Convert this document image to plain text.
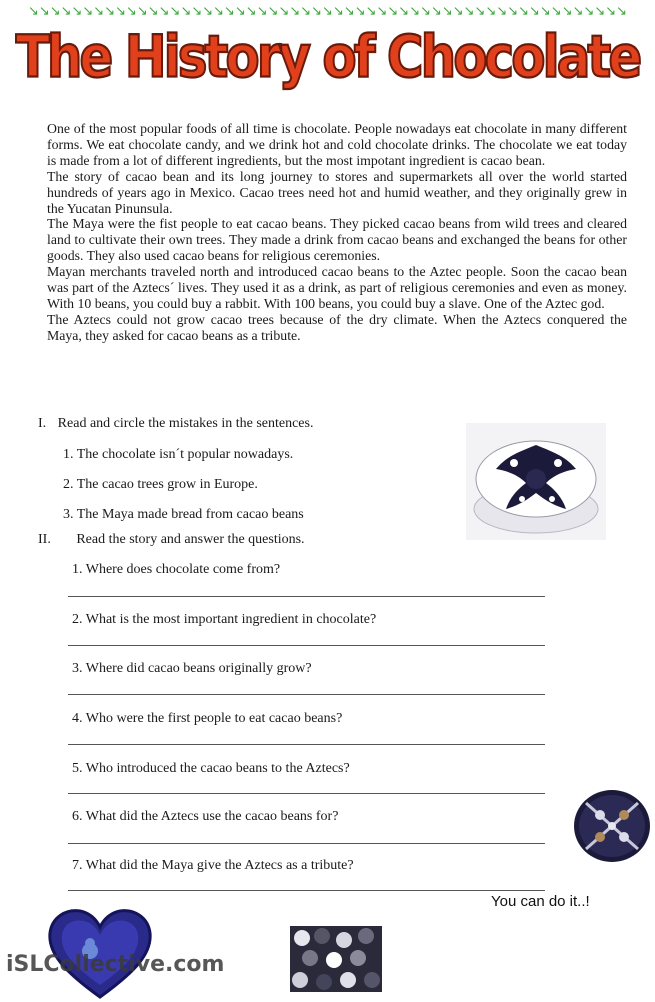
↘↘↘↘↘↘↘↘↘↘↘↘↘↘↘↘↘↘↘↘↘↘↘↘↘↘↘↘↘↘↘↘↘↘↘↘↘↘↘↘↘↘↘↘↘↘↘↘↘↘↘↘↘↘↘
The History of Chocolate

One of the most popular foods of all time is chocolate. People nowadays eat chocolate in many different forms. We eat chocolate candy, and we drink hot and cold chocolate drinks. The chocolate we eat today is made from a lot of different ingredients, but the most impotant ingredient is cacao bean.

The story of cacao bean and its long journey to stores and supermarkets all over the world started hundreds of years ago in Mexico. Cacao trees need hot and humid weather, and they originally grew in the Yucatan Pinunsula.

The Maya were the fist people to eat cacao beans. They picked cacao beans from wild trees and cleared land to cultivate their own trees. They made a drink from cacao beans and exchanged the beans for other goods. They also used cacao beans for religious ceremonies.

Mayan merchants traveled north and introduced cacao beans to the Aztec people. Soon the cacao bean was part of the Aztecs´ lives. They used it as a drink, as part of religious ceremonies and even as money. With 10 beans, you could buy a rabbit. With 100 beans, you could buy a slave. One of the Aztec god.

The Aztecs could not grow cacao trees because of the dry climate. When the Aztecs conquered the Maya, they asked for cacao beans as a tribute.

I. Read and circle the mistakes in the sentences.
1. The chocolate isn´t popular nowadays.
2. The cacao trees grow in Europe.
3. The Maya made bread from cacao beans
II. Read the story and answer the questions.
1. Where does chocolate come from?
2. What is the most important ingredient in chocolate?
3. Where did cacao beans originally grow?
4. Who were the first people to eat cacao beans?
5. Who introduced the cacao beans to the Aztecs?
6. What did the Aztecs use the cacao beans for?
7. What did the Maya give the Aztecs as a tribute?
You can do it..!
iSLCollective.com
